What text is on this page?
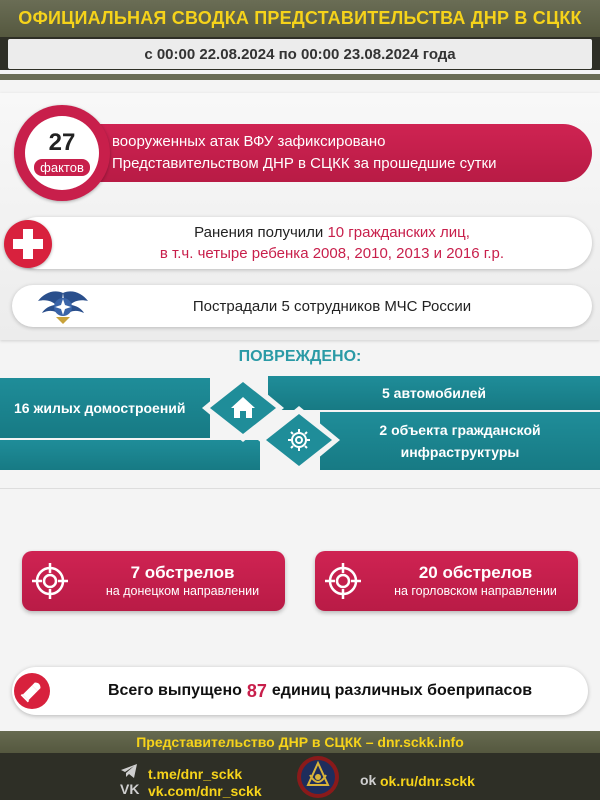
ОФИЦИАЛЬНАЯ СВОДКА ПРЕДСТАВИТЕЛЬСТВА ДНР В СЦКК
с 00:00 22.08.2024 по 00:00 23.08.2024 года
вооруженных атак ВФУ зафиксировано
Представительством ДНР в СЦКК за прошедшие сутки
27
фактов
Ранения получили 10 гражданских лиц,
в т.ч. четыре ребенка 2008, 2010, 2013 и 2016 г.р.
Пострадали 5 сотрудников МЧС России
ПОВРЕЖДЕНО:
16 жилых домостроений
5 автомобилей
2 объекта гражданской
инфраструктуры
7 обстрелов
на донецком направлении
20 обстрелов
на горловском направлении
Всего выпущено 87 единиц различных боеприпасов
Представительство ДНР в СЦКК – dnr.sckk.info
t.me/dnr_sckk
VK vk.com/dnr_sckk
ok ok.ru/dnr.sckk
